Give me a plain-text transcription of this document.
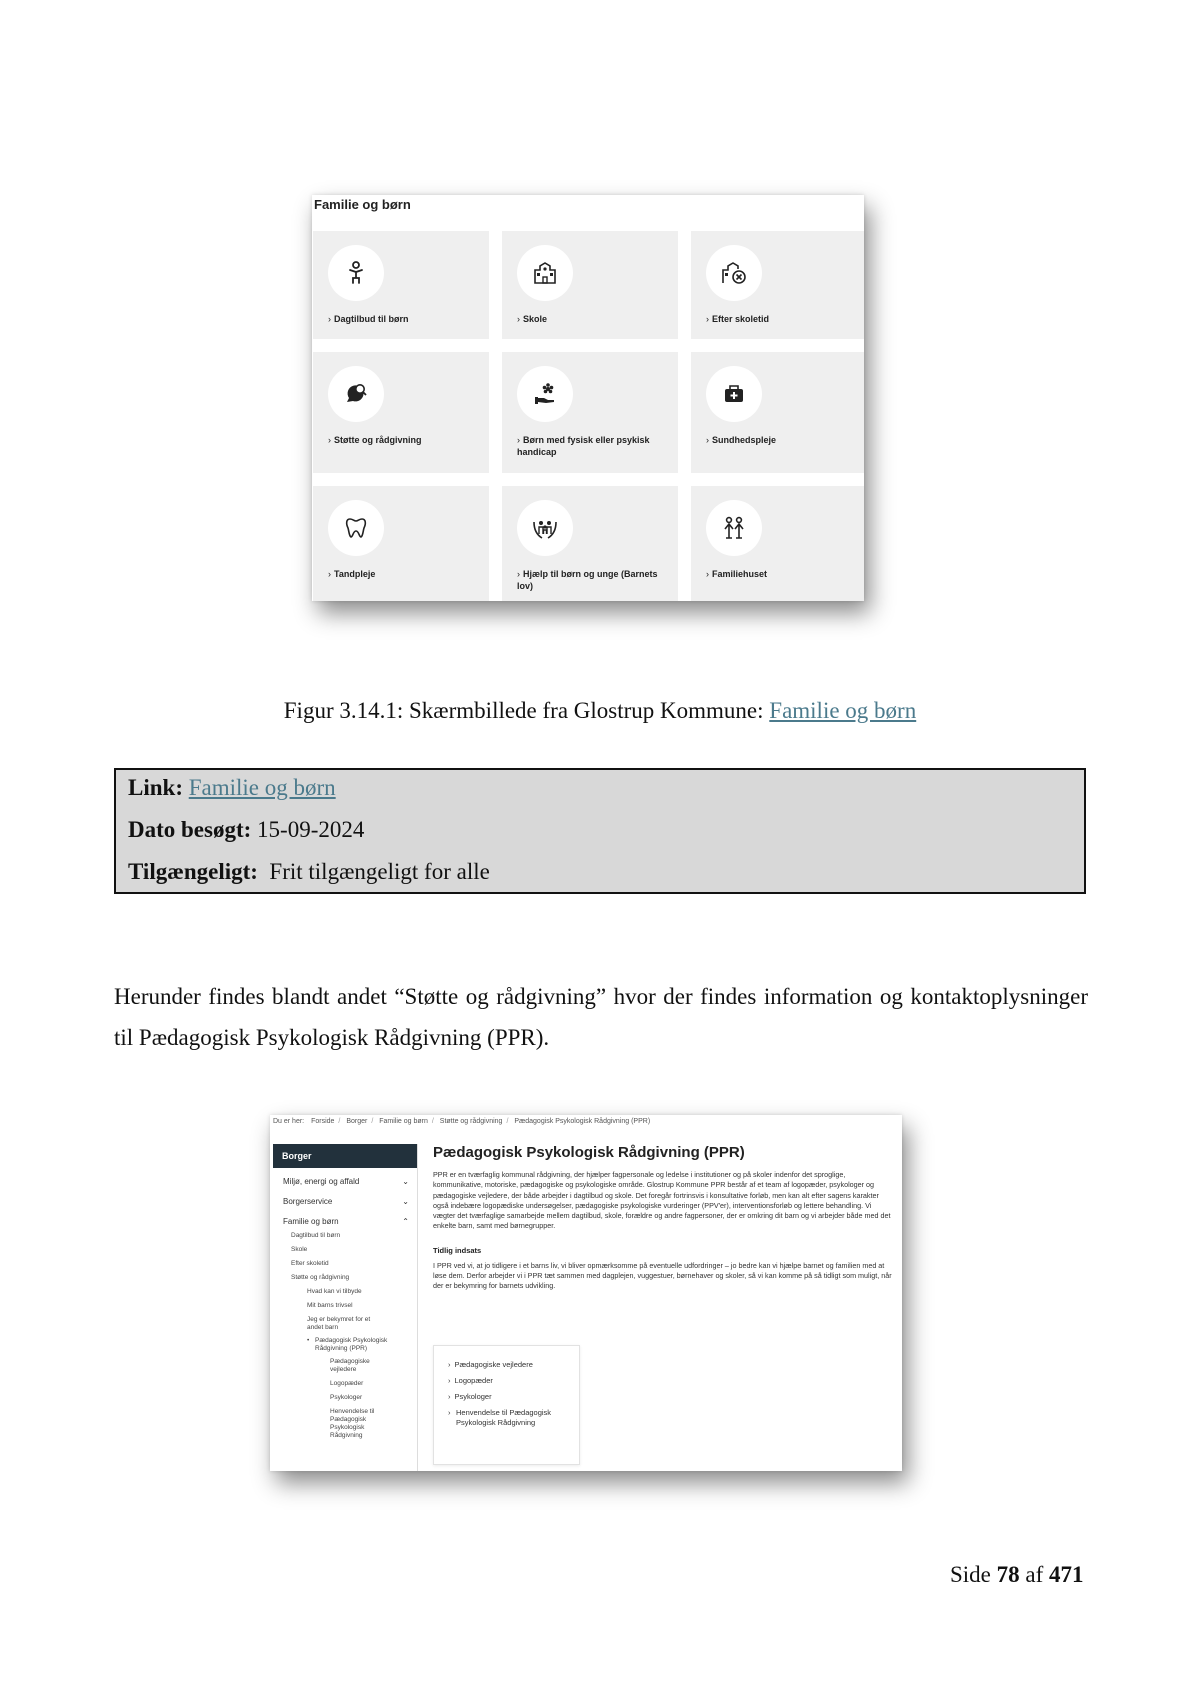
Familie og børn
› Dagtilbud til børn	› Skole	› Efter skoletid
› Støtte og rådgivning	› Børn med fysisk eller psykisk handicap
› Sundhedspleje
› Tandpleje	› Hjælp til børn og unge (Barnets lov)
› Familiehuset
Figur 3.14.1: Skærmbillede fra Glostrup Kommune: Familie og børn
Link: Familie og børn
Dato besøgt: 15-09-2024
Tilgængeligt: Frit tilgængeligt for alle
Herunder findes blandt andet “Støtte og rådgivning” hvor der findes information og kontaktoplysninger til Pædagogisk Psykologisk Rådgivning (PPR).
Du er her: Forside / Borger / Familie og børn / Støtte og rådgivning / Pædagogisk Psykologisk Rådgivning (PPR)
Borger
Miljø, energi og affald	⌄
Borgerservice	⌄
Familie og børn	⌃
Dagtilbud til børn
Skole
Efter skoletid
Støtte og rådgivning
Hvad kan vi tilbyde
Mit barns trivsel
Jeg er bekymret for et andet barn
• Pædagogisk Psykologisk Rådgivning (PPR)
Pædagogiske vejledere
Logopæder
Psykologer
Henvendelse til Pædagogisk Psykologisk Rådgivning
Pædagogisk Psykologisk Rådgivning (PPR)

PPR er en tværfaglig kommunal rådgivning, der hjælper fagpersonale og ledelse i institutioner og på skoler indenfor det sproglige, kommunikative, motoriske, pædagogiske og psykologiske område. Glostrup Kommune PPR består af et team af logopæder, psykologer og pædagogiske vejledere, der både arbejder i dagtilbud og skole. Det foregår fortrinsvis i konsultative forløb, men kan alt efter sagens karakter også indebære logopædiske undersøgelser, pædagogiske psykologiske vurderinger (PPV'er), interventionsforløb og lettere behandling. Vi vægter det tværfaglige samarbejde mellem dagtilbud, skole, forældre og andre fagpersoner, der er omkring dit barn og vi arbejder både med det enkelte barn, samt med børnegrupper.

Tidlig indsats

I PPR ved vi, at jo tidligere i et barns liv, vi bliver opmærksomme på eventuelle udfordringer – jo bedre kan vi hjælpe barnet og familien med at løse dem. Derfor arbejder vi i PPR tæt sammen med dagplejen, vuggestuer, børnehaver og skoler, så vi kan komme på så tidligt som muligt, når der er bekymring for barnets udvikling.

› Pædagogiske vejledere
› Logopæder
› Psykologer
› Henvendelse til Pædagogisk Psykologisk Rådgivning
Side 78 af 471
